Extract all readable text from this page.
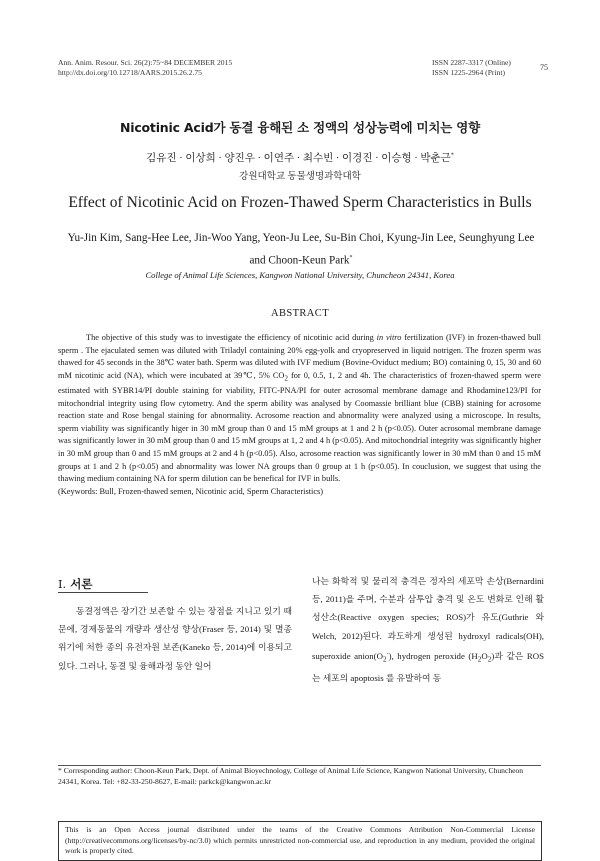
Ann. Anim. Resour. Sci. 26(2):75~84 DECEMBER 2015
http://dx.doi.org/10.12718/AARS.2015.26.2.75
ISSN 2287-3317 (Online)
ISSN 1225-2964 (Print)
75
Nicotinic Acid가 동결 융해된 소 정액의 성상능력에 미치는 영향
김유진 · 이상희 · 양진우 · 이연주 · 최수빈 · 이경진 · 이승형 · 박춘근*
강원대학교 동물생명과학대학
Effect of Nicotinic Acid on Frozen-Thawed Sperm Characteristics in Bulls
Yu-Jin Kim, Sang-Hee Lee, Jin-Woo Yang, Yeon-Ju Lee, Su-Bin Choi, Kyung-Jin Lee, Seunghyung Lee
and Choon-Keun Park*
College of Animal Life Sciences, Kangwon National University, Chuncheon 24341, Korea
ABSTRACT

The objective of this study was to investigate the efficiency of nicotinic acid during in vitro fertilization (IVF) in frozen-thawed bull sperm . The ejaculated semen was diluted with Triladyl containing 20% egg-yolk and cryopreserved in liquid notrigen. The frozen sperm was thawed for 45 seconds in the 38℃ water bath. Sperm was diluted with IVF medium (Bovine-Oviduct medium; BO) containing 0, 15, 30 and 60 mM nicotinic acid (NA), which were incubated at 39℃, 5% $CO_2$ for 0, 0.5, 1, 2 and 4h. The characteristics of frozen-thawed sperm were estimated with SYBR14/PI double staining for viability, FITC-PNA/PI for outer acrosomal membrane damage and Rhodamine123/PI for mitochondrial integrity using flow cytometry. And the sperm ability was analysed by Coomassie brilliant blue (CBB) staining for acrosome reaction state and Rose bengal staining for abnormality. Acrosome reaction and abnormality were analyzed using a microscope. In results, sperm viability was significantly higer in 30 mM group than 0 and 15 mM groups at 1 and 2 h (p<0.05). Outer acrosomal membrane damage was significantly lower in 30 mM group than 0 and 15 mM groups at 1, 2 and 4 h (p<0.05). And mitochondrial integrity was significantly higher in 30 mM group than 0 and 15 mM groups at 2 and 4 h (p<0.05). Also, acrosome reaction was significantly lower in 30 mM than 0 and 15 mM groups at 1 and 2 h (p<0.05) and abnormality was lower NA groups than 0 group at 1 h (p<0.05). In couclusion, we suggest that using the thawing medium containing NA for sperm dilution can be benefical for IVF in bulls.

(Keywords: Bull, Frozen-thawed semen, Nicotinic acid, Sperm Characteristics)

Ⅰ. 서론
동결정액은 장기간 보존할 수 있는 장점을 지니고 있기 때문에, 경제동물의 개량과 생산성 향상(Fraser 등, 2014) 및 멸종위기에 처한 종의 유전자원 보존(Kaneko 등, 2014)에 이용되고 있다. 그러나, 동결 및 융해과정 동안 일어
나는 화학적 및 물리적 충격은 정자의 세포막 손상(Bernardini 등, 2011)을 주며, 수분과 삼투압 충격 및 온도 변화로 인해 활성산소(Reactive oxygen species; ROS)가 유도(Guthrie 와 Welch, 2012)된다. 과도하게 생성된 hydroxyl radicals(OH), superoxide $anion(O_2^-)$, hydrogen peroxide $(H_2O_2)$과 같은 ROS 는 세포의 apoptosis 를 유발하여 동
* Corresponding author: Choon-Keun Park, Dept. of Animal Bioyechnology, College of Animal Life Science, Kangwon National University, Chuncheon 24341, Korea. Tel: +82-33-250-8627, E-mail: parkck@kangwon.ac.kr
This is an Open Access journal distributed under the teams of the Creative Commons Attribution Non-Commercial License (http://creativecommons.org/licenses/by-nc/3.0) which permits unrestricted non-commercial use, and reproduction in any medium, provided the original work is properly cited.
